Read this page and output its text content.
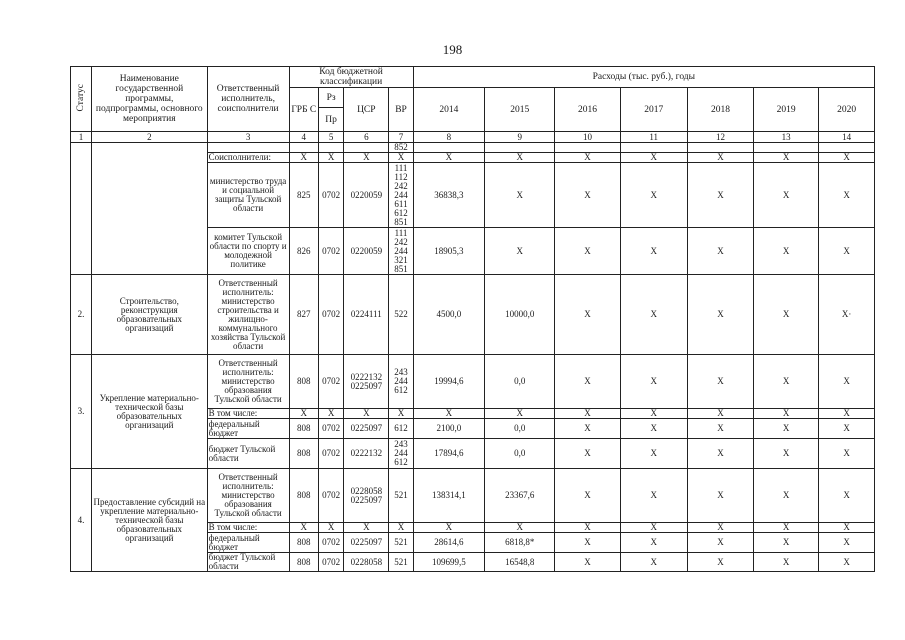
198
Статус	Наименование государственной программы, подпрограммы, основного мероприятия	Ответственный исполнитель, соисполнители	Код бюджетной классификации				Расходы (тыс. руб.), годы						
			ГРБ С	Рз	ЦСР	ВР	2014	2015	2016	2017	2018	2019	2020
				Пр									
1	2	3	4	5	6	7	8	9	10	11	12	13	14
						852							
		Соисполнители:	X	X	X	X	X	X	X	X	X	X	X
		министерство труда и социальной защиты Тульской области	825	0702	0220059	111 112 242 244 611 612 851	36838,3	X	X	X	X	X	X
		комитет Тульской области по спорту и молодежной политике	826	0702	0220059	111 242 244 321 851	18905,3	X	X	X	X	X	X
2.	Строительство, реконструкция образовательных организаций	Ответственный исполнитель: министерство строительства и жилищно-коммунального хозяйства Тульской области	827	0702	0224111	522	4500,0	10000,0	X	X	X	X	X·
3.	Укрепление материально-технической базы образовательных организаций	Ответственный исполнитель: министерство образования Тульской области	808	0702	0222132 0225097	243 244 612	19994,6	0,0	X	X	X	X	X
		В том числе:	X	X	X	X	X	X	X	X	X	X	X
		федеральный бюджет	808	0702	0225097	612	2100,0	0,0	X	X	X	X	X
		бюджет Тульской области	808	0702	0222132	243 244 612	17894,6	0,0	X	X	X	X	X
4.	Предоставление субсидий на укрепление материально-технической базы образовательных организаций	Ответственный исполнитель: министерство образования Тульской области	808	0702	0228058 0225097	521	138314,1	23367,6	X	X	X	X	X
		В том числе:	X	X	X	X	X	X	X	X	X	X	X
		федеральный бюджет	808	0702	0225097	521	28614,6	6818,8*	X	X	X	X	X
		бюджет Тульской области	808	0702	0228058	521	109699,5	16548,8	X	X	X	X	X
